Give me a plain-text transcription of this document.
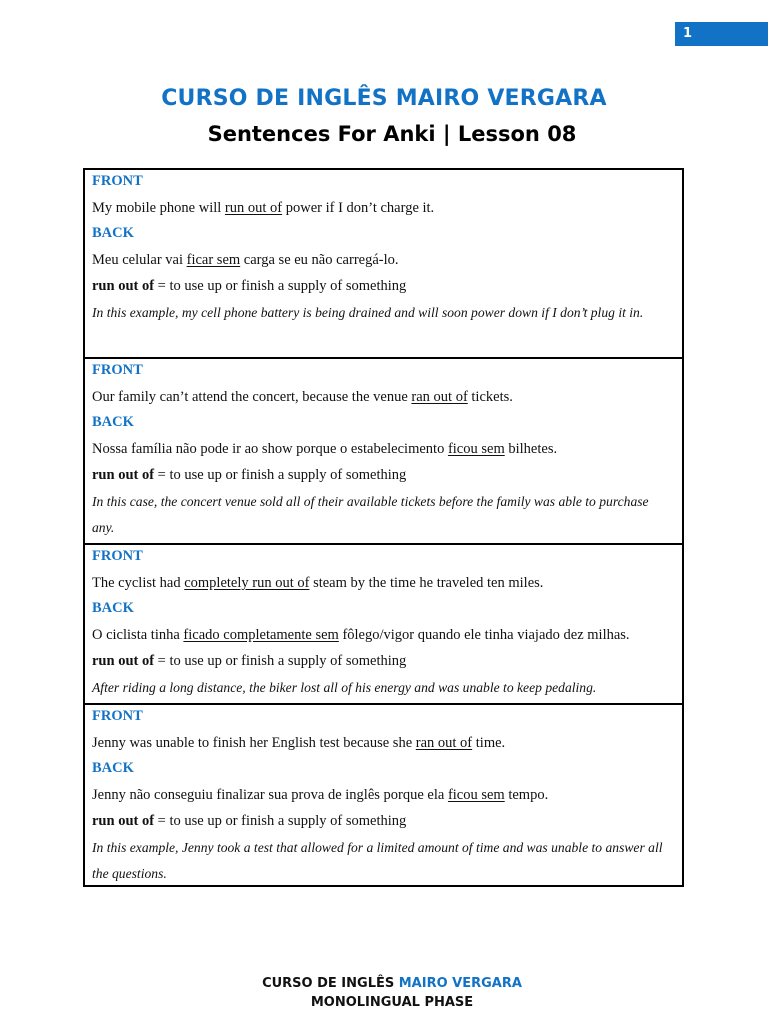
1
CURSO DE INGLÊS MAIRO VERGARA
Sentences For Anki | Lesson 08
FRONT
My mobile phone will run out of power if I don’t charge it.
BACK
Meu celular vai ficar sem carga se eu não carregá-lo.
run out of = to use up or finish a supply of something
In this example, my cell phone battery is being drained and will soon power down if I don’t plug it in.
FRONT
Our family can’t attend the concert, because the venue ran out of tickets.
BACK
Nossa família não pode ir ao show porque o estabelecimento ficou sem bilhetes.
run out of = to use up or finish a supply of something
In this case, the concert venue sold all of their available tickets before the family was able to purchase any.
FRONT
The cyclist had completely run out of steam by the time he traveled ten miles.
BACK
O ciclista tinha ficado completamente sem fôlego/vigor quando ele tinha viajado dez milhas.
run out of = to use up or finish a supply of something
After riding a long distance, the biker lost all of his energy and was unable to keep pedaling.
FRONT
Jenny was unable to finish her English test because she ran out of time.
BACK
Jenny não conseguiu finalizar sua prova de inglês porque ela ficou sem tempo.
run out of = to use up or finish a supply of something
In this example, Jenny took a test that allowed for a limited amount of time and was unable to answer all the questions.
CURSO DE INGLÊS MAIRO VERGARA
MONOLINGUAL PHASE
